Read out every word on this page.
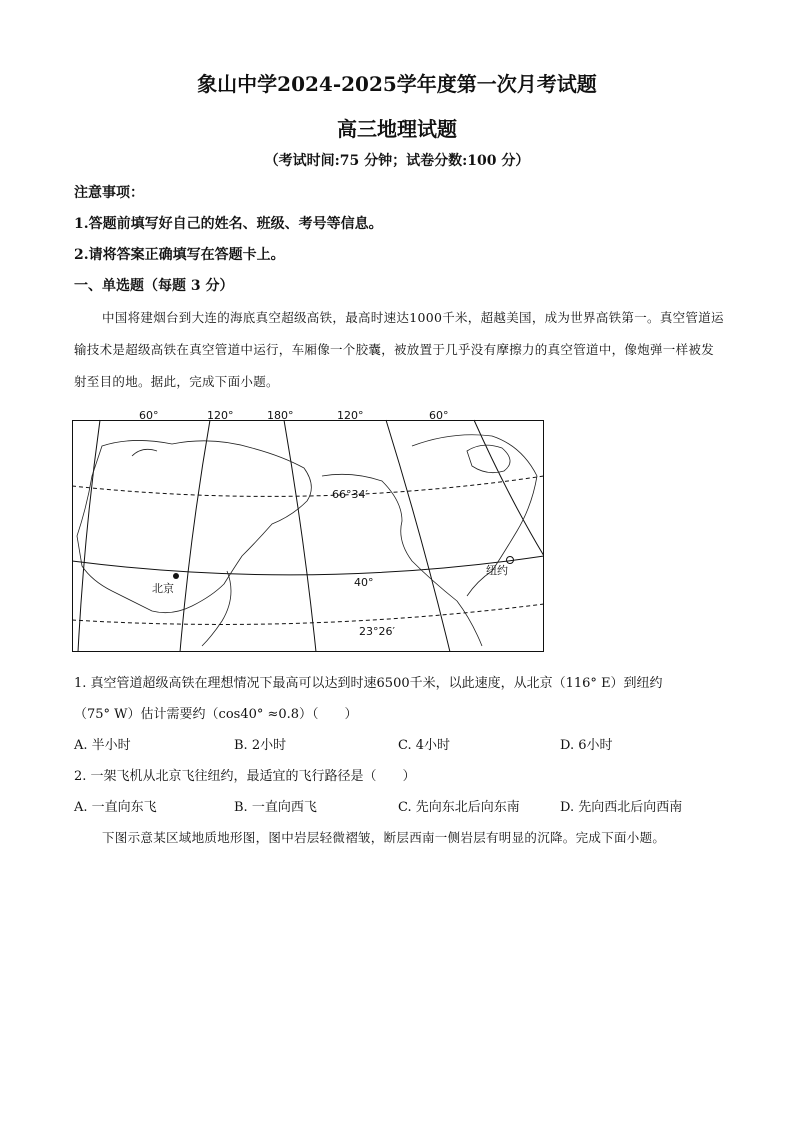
象山中学2024-2025学年度第一次月考试题
高三地理试题
（考试时间:75 分钟；试卷分数:100 分）
注意事项：
1.答题前填写好自己的姓名、班级、考号等信息。
2.请将答案正确填写在答题卡上。
一、单选题（每题 3 分）
中国将建烟台到大连的海底真空超级高铁，最高时速达1000千米，超越美国，成为世界高铁第一。真空管道运输技术是超级高铁在真空管道中运行，车厢像一个胶囊，被放置于几乎没有摩擦力的真空管道中，像炮弹一样被发射至目的地。据此，完成下面小题。
60°	120°	180°	120°	60°
66°34′
40°
23°26′
北京
纽约
1. 真空管道超级高铁在理想情况下最高可以达到时速6500千米，以此速度，从北京（116° E）到纽约
（75° W）估计需要约（cos40° ≈0.8）（　　）
A. 半小时	B. 2小时	C. 4小时	D. 6小时
2. 一架飞机从北京飞往纽约，最适宜的飞行路径是（　　）
A. 一直向东飞	B. 一直向西飞	C. 先向东北后向东南	D. 先向西北后向西南
下图示意某区域地质地形图，图中岩层轻微褶皱，断层西南一侧岩层有明显的沉降。完成下面小题。
